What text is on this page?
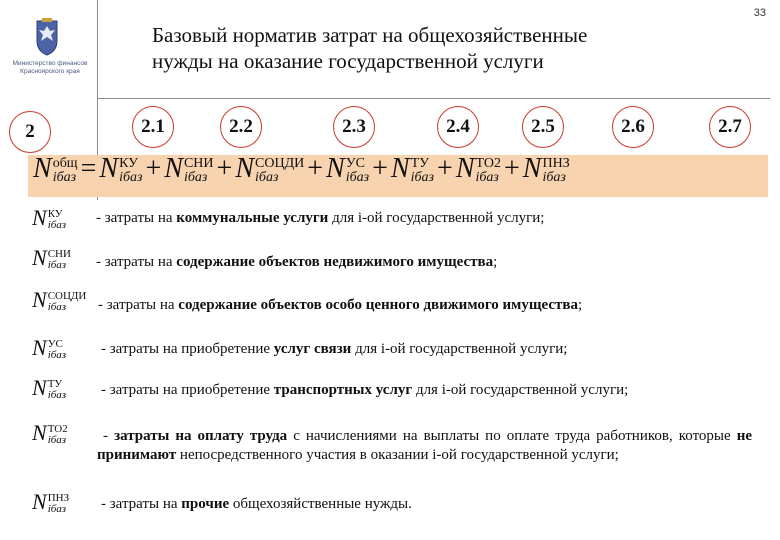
33
Министерство финансов
Красноярского края
Базовый норматив затрат на общехозяйственные
нужды на оказание государственной услуги
2	2.1	2.2	2.3	2.4	2.5	2.6	2.7
N общ
iбаз = N КУ
iбаз + N СНИ
iбаз + N СОЦДИ
iбаз	+ N УС
iбаз + N ТУ
iбаз + N ТО2
iбаз + N ПНЗ
iбаз
N КУ
iбаз - затраты на коммунальные услуги для i-ой государственной услуги;
N СНИ
iбаз	- затраты на содержание объектов недвижимого имущества;
N СОЦДИ
iбаз	- затраты на содержание объектов особо ценного движимого имущества;
N УС
iбаз - затраты на приобретение услуг связи для i-ой государственной услуги;
N ТУ
iбаз - затраты на приобретение транспортных услуг для i-ой государственной услуги;
N ТО2
iбаз	- затраты на оплату труда с начислениями на выплаты по оплате труда работников, которые не принимают непосредственного участия в оказании i-ой государственной услуги;
N ПНЗ
iбаз - затраты на прочие общехозяйственные нужды.
